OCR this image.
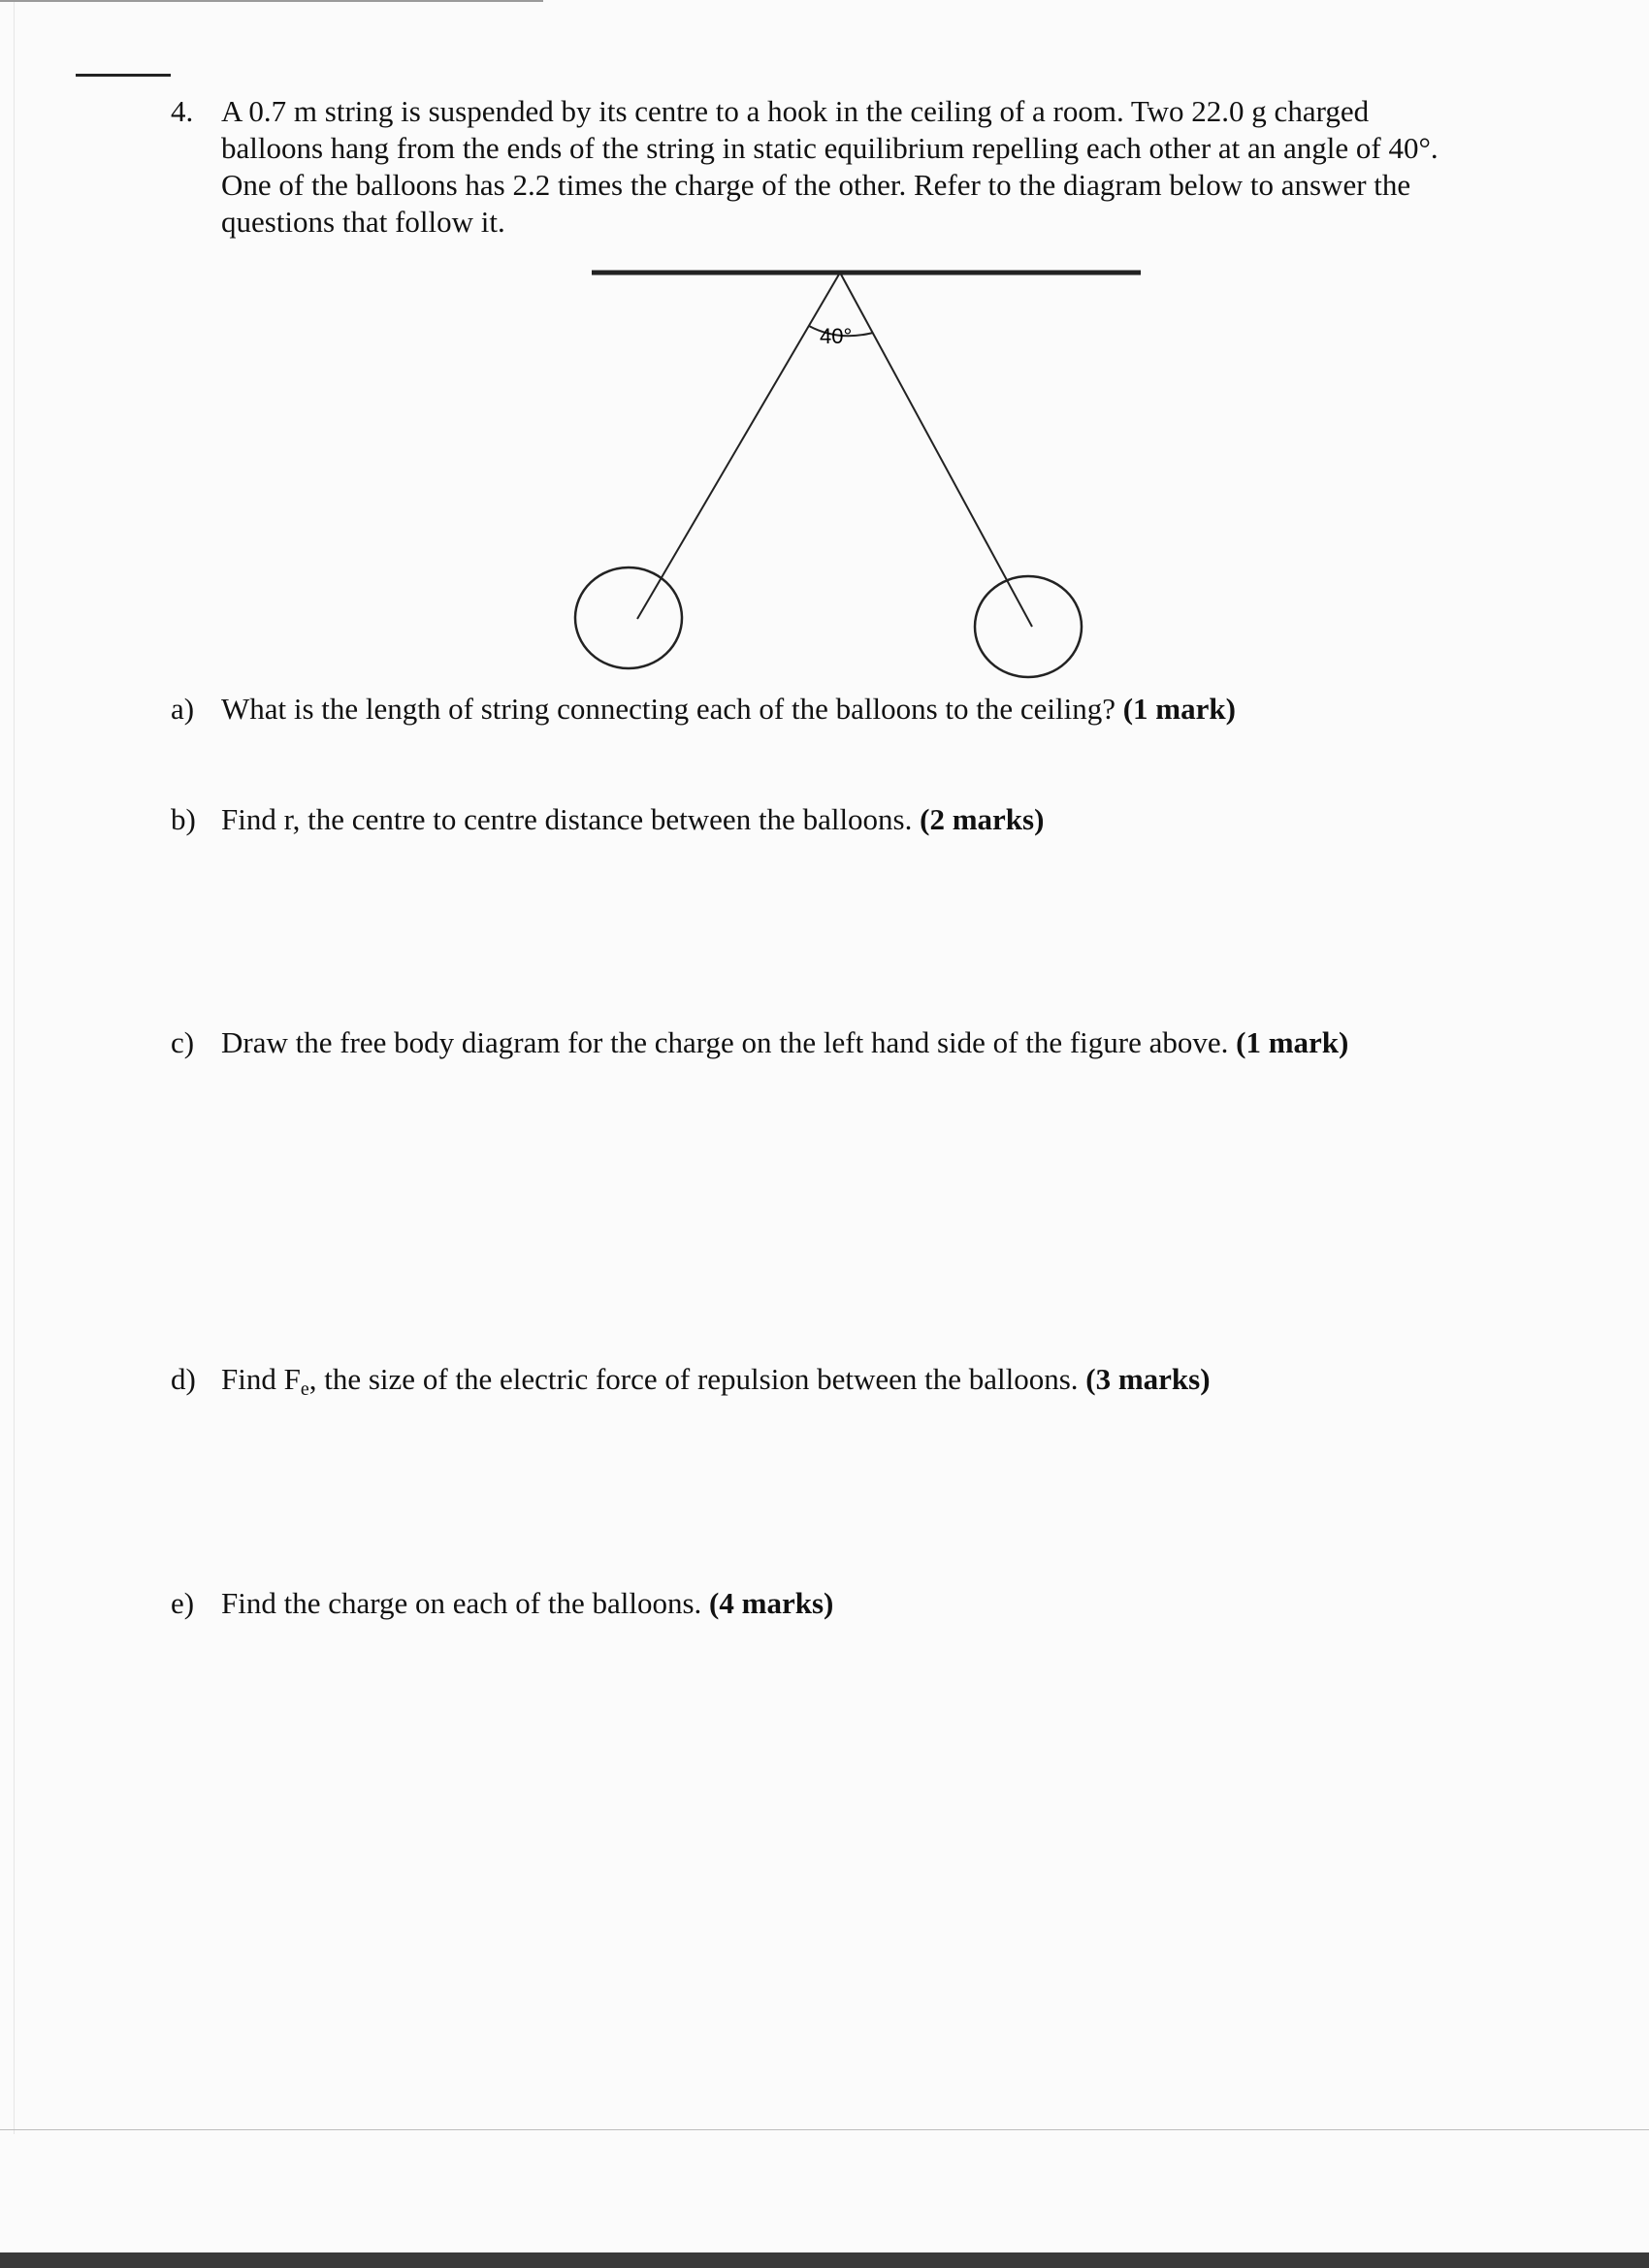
4. A 0.7 m string is suspended by its centre to a hook in the ceiling of a room. Two 22.0 g charged
balloons hang from the ends of the string in static equilibrium repelling each other at an angle of 40°.
One of the balloons has 2.2 times the charge of the other. Refer to the diagram below to answer the
questions that follow it.
40°
a) What is the length of string connecting each of the balloons to the ceiling? (1 mark)
b) Find r, the centre to centre distance between the balloons. (2 marks)
c) Draw the free body diagram for the charge on the left hand side of the figure above. (1 mark)
d) Find $F_e$, the size of the electric force of repulsion between the balloons. (3 marks)
e) Find the charge on each of the balloons. (4 marks)
